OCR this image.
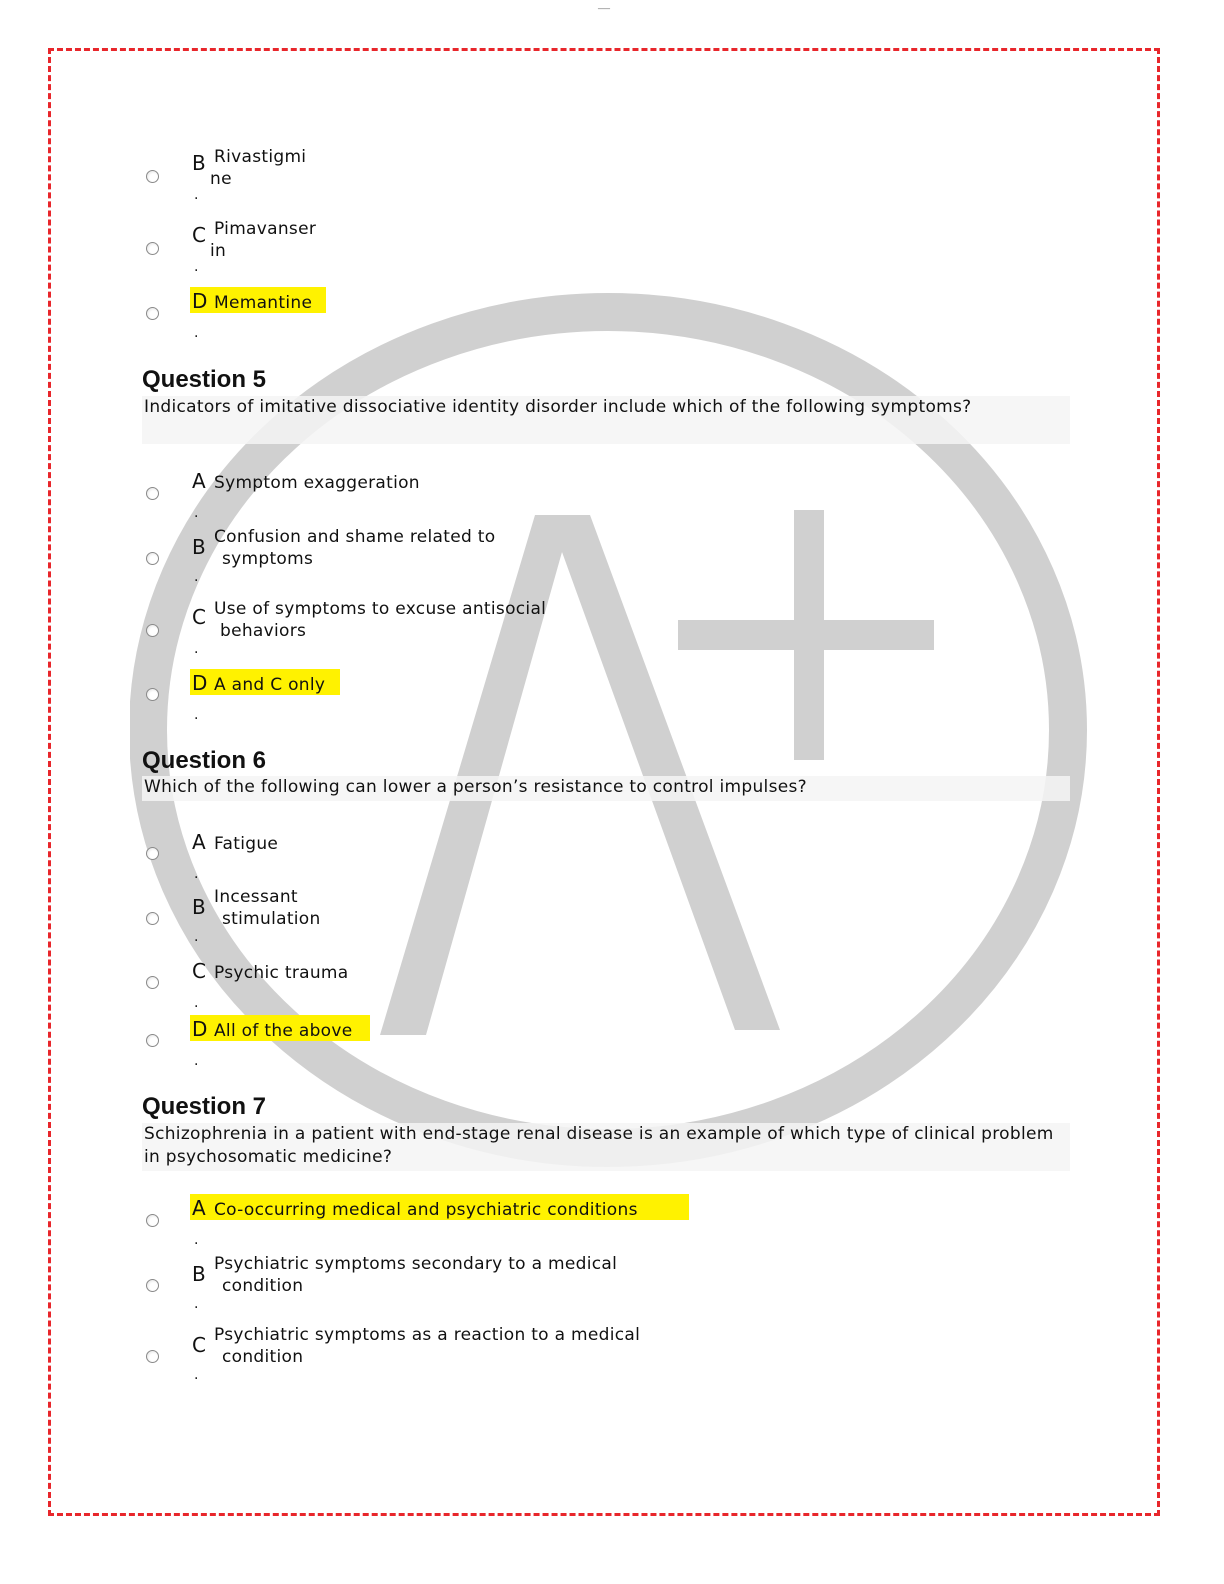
___
B Rivastigmi
ne
.
C Pimavanser
in
.
D Memantine
.
Question 5
Indicators of imitative dissociative identity disorder include which of the following symptoms?
A Symptom exaggeration
.
B Confusion and shame related to
symptoms
.
C Use of symptoms to excuse antisocial
behaviors
.
D A and C only
.
Question 6
Which of the following can lower a person’s resistance to control impulses?
A Fatigue
.
B Incessant
stimulation
.
C Psychic trauma
.
D All of the above
.
Question 7
Schizophrenia in a patient with end-stage renal disease is an example of which type of clinical problem in psychosomatic medicine?
A Co-occurring medical and psychiatric conditions
.
B Psychiatric symptoms secondary to a medical
condition
.
C Psychiatric symptoms as a reaction to a medical
condition
.
